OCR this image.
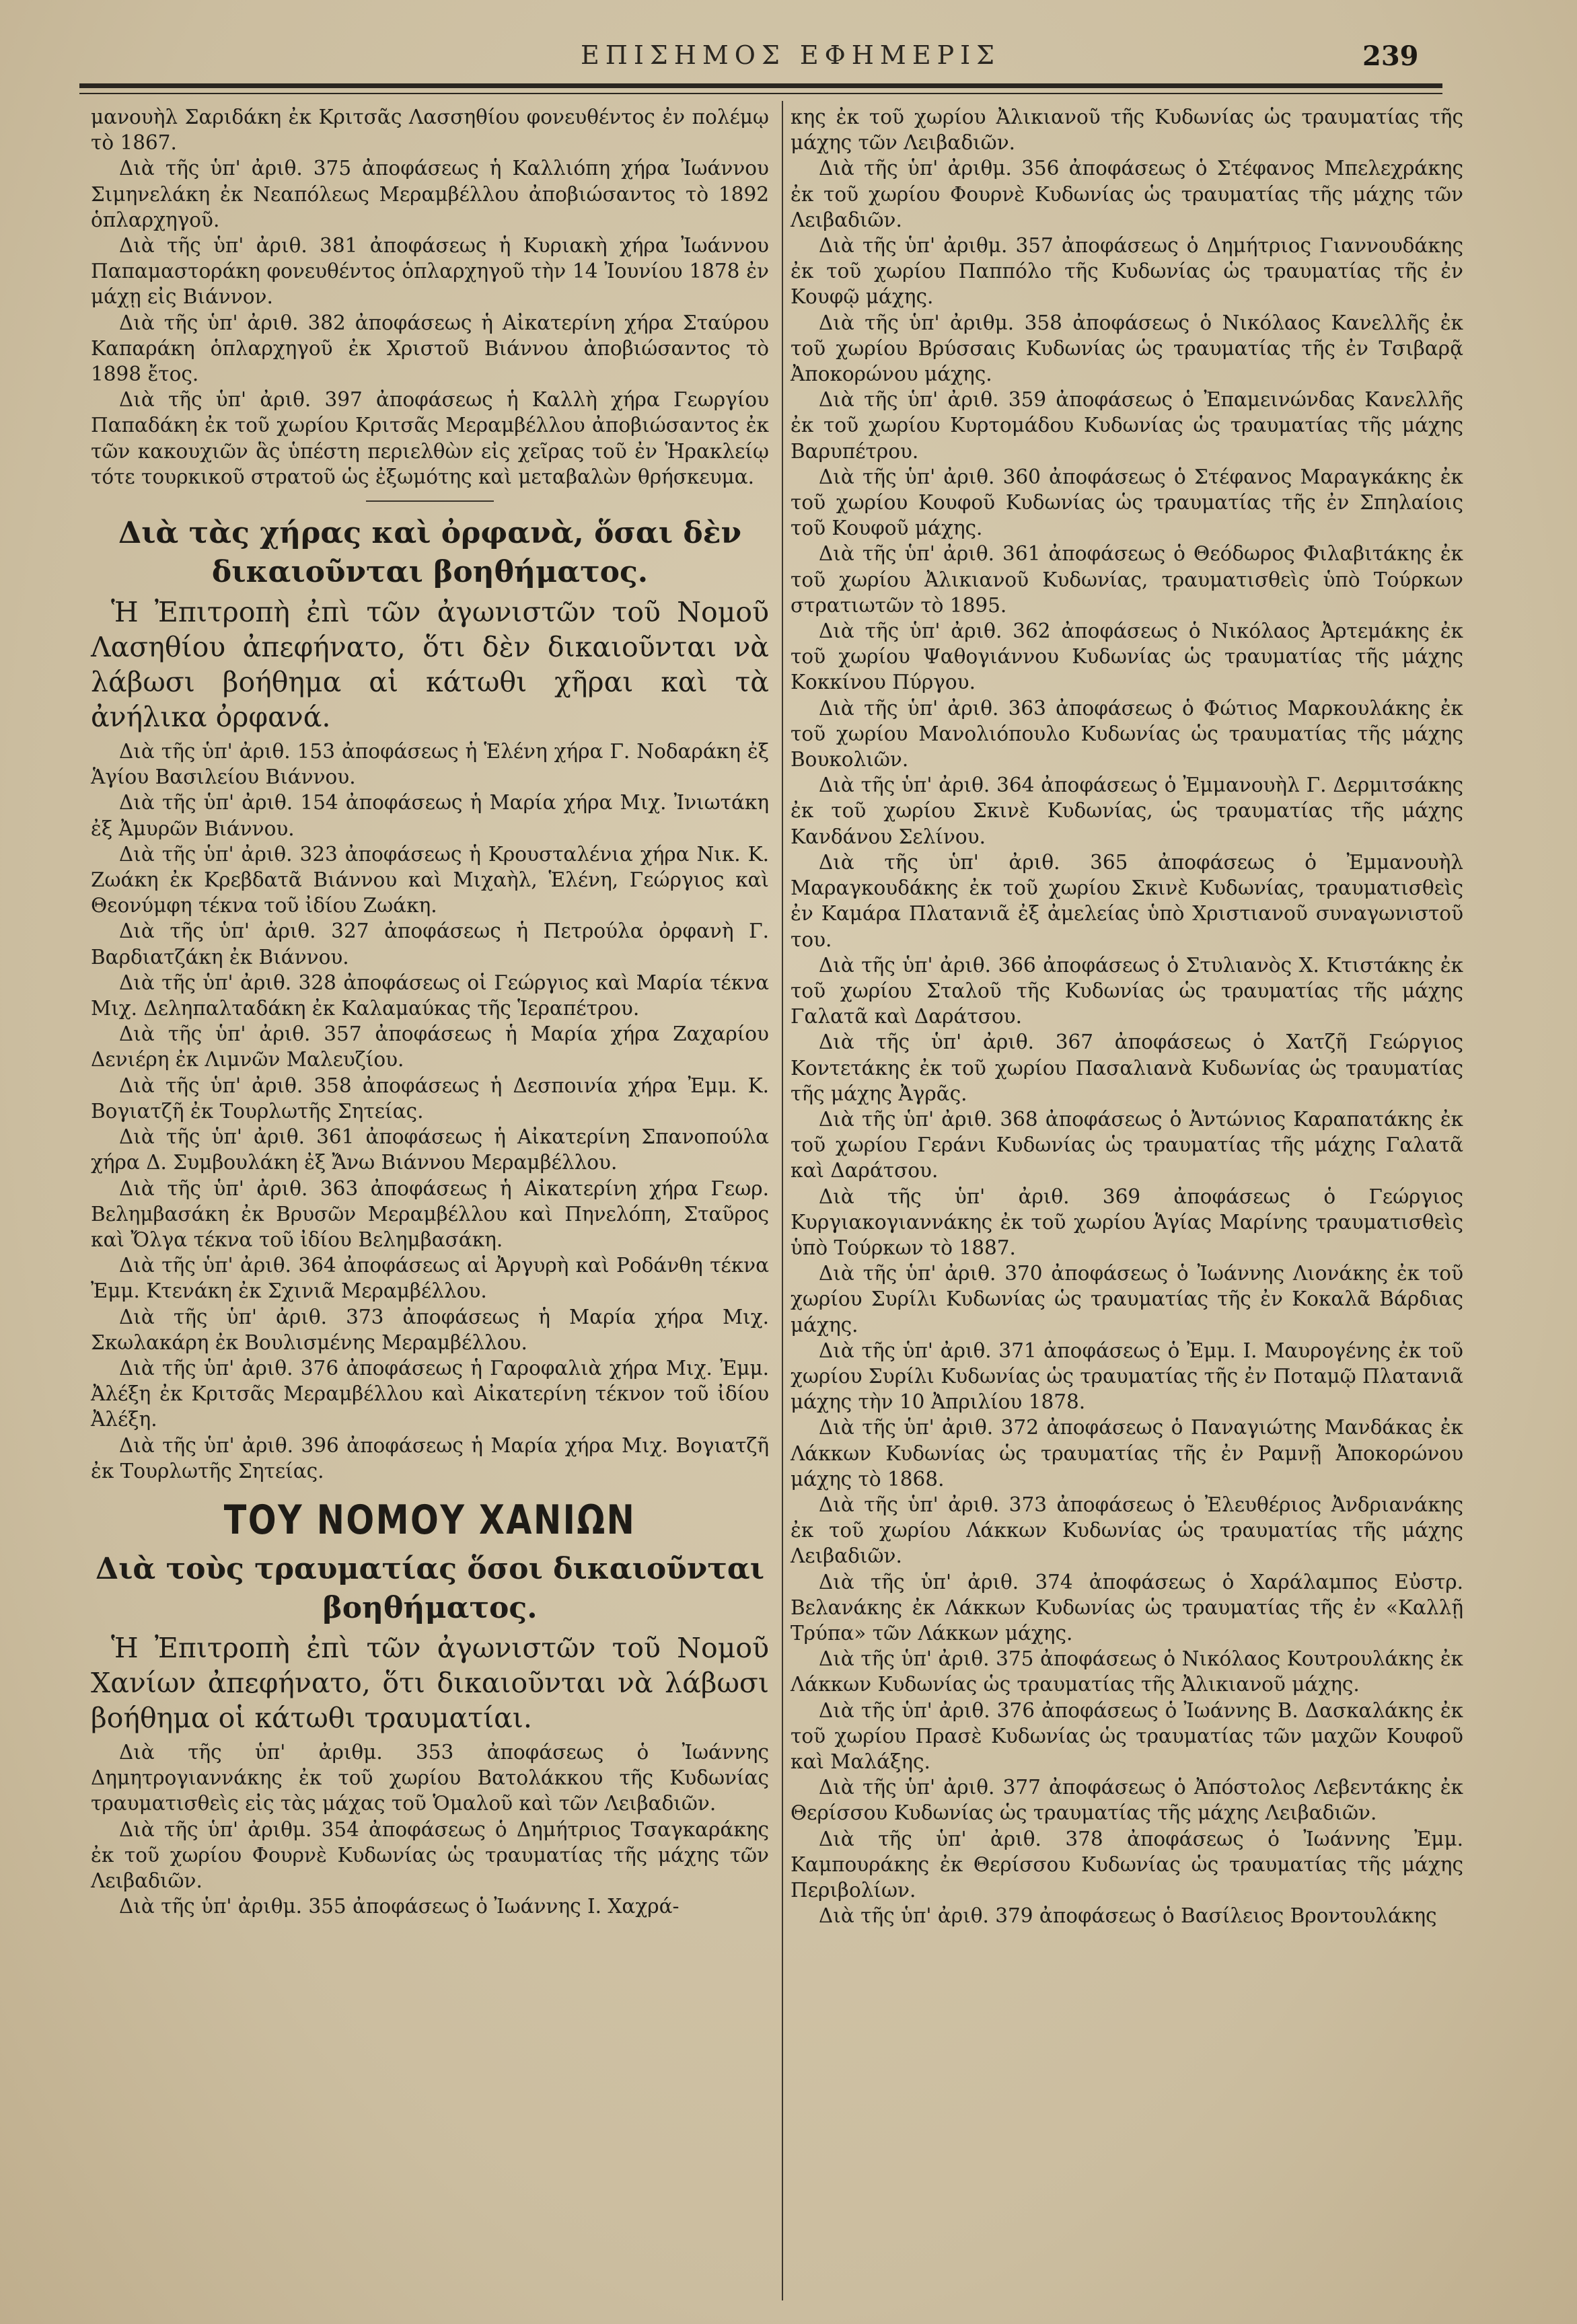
ΕΠΙΣΗΜΟΣ ΕΦΗΜΕΡΙΣ	239

μανουὴλ Σαριδάκη ἐκ Κριτσᾶς Λασσηθίου φονευθέντος ἐν πολέμῳ τὸ 1867.

Διὰ τῆς ὑπ' ἀριθ. 375 ἀποφάσεως ἡ Καλλιόπη χήρα Ἰωάννου Σιμηνελάκη ἐκ Νεαπόλεως Μεραμβέλλου ἀποβιώσαντος τὸ 1892 ὁπλαρχηγοῦ.

Διὰ τῆς ὑπ' ἀριθ. 381 ἀποφάσεως ἡ Κυριακὴ χήρα Ἰωάννου Παπαμαστοράκη φονευθέντος ὁπλαρχηγοῦ τὴν 14 Ἰουνίου 1878 ἐν μάχῃ εἰς Βιάννον.

Διὰ τῆς ὑπ' ἀριθ. 382 ἀποφάσεως ἡ Αἰκατερίνη χήρα Σταύρου Καπαράκη ὁπλαρχηγοῦ ἐκ Χριστοῦ Βιάννου ἀποβιώσαντος τὸ 1898 ἔτος.

Διὰ τῆς ὑπ' ἀριθ. 397 ἀποφάσεως ἡ Καλλὴ χήρα Γεωργίου Παπαδάκη ἐκ τοῦ χωρίου Κριτσᾶς Μεραμβέλλου ἀποβιώσαντος ἐκ τῶν κακουχιῶν ἃς ὑπέστη περιελθὼν εἰς χεῖρας τοῦ ἐν Ἡρακλείῳ τότε τουρκικοῦ στρατοῦ ὡς ἐξωμότης καὶ μεταβαλὼν θρήσκευμα.

Διὰ τὰς χήρας καὶ ὀρφανὰ, ὅσαι δὲν δικαιοῦνται βοηθήματος.

Ἡ Ἐπιτροπὴ ἐπὶ τῶν ἀγωνιστῶν τοῦ Νομοῦ Λασηθίου ἀπεφήνατο, ὅτι δὲν δικαιοῦνται νὰ λάβωσι βοήθημα αἱ κάτωθι χῆραι καὶ τὰ ἀνήλικα ὀρφανά.

Διὰ τῆς ὑπ' ἀριθ. 153 ἀποφάσεως ἡ Ἑλένη χήρα Γ. Νοδαράκη ἐξ Ἁγίου Βασιλείου Βιάννου.

Διὰ τῆς ὑπ' ἀριθ. 154 ἀποφάσεως ἡ Μαρία χήρα Μιχ. Ἰνιωτάκη ἐξ Ἀμυρῶν Βιάννου.

Διὰ τῆς ὑπ' ἀριθ. 323 ἀποφάσεως ἡ Κρουσταλένια χήρα Νικ. Κ. Ζωάκη ἐκ Κρεβδατᾶ Βιάννου καὶ Μιχαὴλ, Ἑλένη, Γεώργιος καὶ Θεονύμφη τέκνα τοῦ ἰδίου Ζωάκη.

Διὰ τῆς ὑπ' ἀριθ. 327 ἀποφάσεως ἡ Πετρούλα ὀρφανὴ Γ. Βαρδιατζάκη ἐκ Βιάννου.

Διὰ τῆς ὑπ' ἀριθ. 328 ἀποφάσεως οἱ Γεώργιος καὶ Μαρία τέκνα Μιχ. Δεληπαλταδάκη ἐκ Καλαμαύκας τῆς Ἱεραπέτρου.

Διὰ τῆς ὑπ' ἀριθ. 357 ἀποφάσεως ἡ Μαρία χήρα Ζαχαρίου Δενιέρη ἐκ Λιμνῶν Μαλευζίου.

Διὰ τῆς ὑπ' ἀριθ. 358 ἀποφάσεως ἡ Δεσποινία χήρα Ἐμμ. Κ. Βογιατζῆ ἐκ Τουρλωτῆς Σητείας.

Διὰ τῆς ὑπ' ἀριθ. 361 ἀποφάσεως ἡ Αἰκατερίνη Σπανοπούλα χήρα Δ. Συμβουλάκη ἐξ Ἄνω Βιάννου Μεραμβέλλου.

Διὰ τῆς ὑπ' ἀριθ. 363 ἀποφάσεως ἡ Αἰκατερίνη χήρα Γεωρ. Βελημβασάκη ἐκ Βρυσῶν Μεραμβέλλου καὶ Πηνελόπη, Σταῦρος καὶ Ὄλγα τέκνα τοῦ ἰδίου Βελημβασάκη.

Διὰ τῆς ὑπ' ἀριθ. 364 ἀποφάσεως αἱ Ἀργυρὴ καὶ Ροδάνθη τέκνα Ἐμμ. Κτενάκη ἐκ Σχινιᾶ Μεραμβέλλου.

Διὰ τῆς ὑπ' ἀριθ. 373 ἀποφάσεως ἡ Μαρία χήρα Μιχ. Σκωλακάρη ἐκ Βουλισμένης Μεραμβέλλου.

Διὰ τῆς ὑπ' ἀριθ. 376 ἀποφάσεως ἡ Γαροφαλιὰ χήρα Μιχ. Ἐμμ. Ἀλέξη ἐκ Κριτσᾶς Μεραμβέλλου καὶ Αἰκατερίνη τέκνον τοῦ ἰδίου Ἀλέξη.

Διὰ τῆς ὑπ' ἀριθ. 396 ἀποφάσεως ἡ Μαρία χήρα Μιχ. Βογιατζῆ ἐκ Τουρλωτῆς Σητείας.

ΤΟΥ ΝΟΜΟΥ ΧΑΝΙΩΝ
Διὰ τοὺς τραυματίας ὅσοι δικαιοῦνται βοηθήματος.

Ἡ Ἐπιτροπὴ ἐπὶ τῶν ἀγωνιστῶν τοῦ Νομοῦ Χανίων ἀπεφήνατο, ὅτι δικαιοῦνται νὰ λάβωσι βοήθημα οἱ κάτωθι τραυματίαι.

Διὰ τῆς ὑπ' ἀριθμ. 353 ἀποφάσεως ὁ Ἰωάννης Δημητρογιαννάκης ἐκ τοῦ χωρίου Βατολάκκου τῆς Κυδωνίας τραυματισθεὶς εἰς τὰς μάχας τοῦ Ὁμαλοῦ καὶ τῶν Λειβαδιῶν.

Διὰ τῆς ὑπ' ἀριθμ. 354 ἀποφάσεως ὁ Δημήτριος Τσαγκαράκης ἐκ τοῦ χωρίου Φουρνὲ Κυδωνίας ὡς τραυματίας τῆς μάχης τῶν Λειβαδιῶν.

Διὰ τῆς ὑπ' ἀριθμ. 355 ἀποφάσεως ὁ Ἰωάννης Ι. Χαχρά-

κης ἐκ τοῦ χωρίου Ἀλικιανοῦ τῆς Κυδωνίας ὡς τραυματίας τῆς μάχης τῶν Λειβαδιῶν.

Διὰ τῆς ὑπ' ἀριθμ. 356 ἀποφάσεως ὁ Στέφανος Μπελεχράκης ἐκ τοῦ χωρίου Φουρνὲ Κυδωνίας ὡς τραυματίας τῆς μάχης τῶν Λειβαδιῶν.

Διὰ τῆς ὑπ' ἀριθμ. 357 ἀποφάσεως ὁ Δημήτριος Γιαννουδάκης ἐκ τοῦ χωρίου Παππόλο τῆς Κυδωνίας ὡς τραυματίας τῆς ἐν Κουφῷ μάχης.

Διὰ τῆς ὑπ' ἀριθμ. 358 ἀποφάσεως ὁ Νικόλαος Κανελλῆς ἐκ τοῦ χωρίου Βρύσσαις Κυδωνίας ὡς τραυματίας τῆς ἐν Τσιβαρᾷ Ἀποκορώνου μάχης.

Διὰ τῆς ὑπ' ἀριθ. 359 ἀποφάσεως ὁ Ἐπαμεινώνδας Κανελλῆς ἐκ τοῦ χωρίου Κυρτομάδου Κυδωνίας ὡς τραυματίας τῆς μάχης Βαρυπέτρου.

Διὰ τῆς ὑπ' ἀριθ. 360 ἀποφάσεως ὁ Στέφανος Μαραγκάκης ἐκ τοῦ χωρίου Κουφοῦ Κυδωνίας ὡς τραυματίας τῆς ἐν Σπηλαίοις τοῦ Κουφοῦ μάχης.

Διὰ τῆς ὑπ' ἀριθ. 361 ἀποφάσεως ὁ Θεόδωρος Φιλαβιτάκης ἐκ τοῦ χωρίου Ἀλικιανοῦ Κυδωνίας, τραυματισθεὶς ὑπὸ Τούρκων στρατιωτῶν τὸ 1895.

Διὰ τῆς ὑπ' ἀριθ. 362 ἀποφάσεως ὁ Νικόλαος Ἀρτεμάκης ἐκ τοῦ χωρίου Ψαθογιάννου Κυδωνίας ὡς τραυματίας τῆς μάχης Κοκκίνου Πύργου.

Διὰ τῆς ὑπ' ἀριθ. 363 ἀποφάσεως ὁ Φώτιος Μαρκουλάκης ἐκ τοῦ χωρίου Μανολιόπουλο Κυδωνίας ὡς τραυματίας τῆς μάχης Βουκολιῶν.

Διὰ τῆς ὑπ' ἀριθ. 364 ἀποφάσεως ὁ Ἐμμανουὴλ Γ. Δερμιτσάκης ἐκ τοῦ χωρίου Σκινὲ Κυδωνίας, ὡς τραυματίας τῆς μάχης Κανδάνου Σελίνου.

Διὰ τῆς ὑπ' ἀριθ. 365 ἀποφάσεως ὁ Ἐμμανουὴλ Μαραγκουδάκης ἐκ τοῦ χωρίου Σκινὲ Κυδωνίας, τραυματισθεὶς ἐν Καμάρα Πλατανιᾶ ἐξ ἀμελείας ὑπὸ Χριστιανοῦ συναγωνιστοῦ του.

Διὰ τῆς ὑπ' ἀριθ. 366 ἀποφάσεως ὁ Στυλιανὸς Χ. Κτιστάκης ἐκ τοῦ χωρίου Σταλοῦ τῆς Κυδωνίας ὡς τραυματίας τῆς μάχης Γαλατᾶ καὶ Δαράτσου.

Διὰ τῆς ὑπ' ἀριθ. 367 ἀποφάσεως ὁ Χατζῆ Γεώργιος Κοντετάκης ἐκ τοῦ χωρίου Πασαλιανὰ Κυδωνίας ὡς τραυματίας τῆς μάχης Ἀγρᾶς.

Διὰ τῆς ὑπ' ἀριθ. 368 ἀποφάσεως ὁ Ἀντώνιος Καραπατάκης ἐκ τοῦ χωρίου Γεράνι Κυδωνίας ὡς τραυματίας τῆς μάχης Γαλατᾶ καὶ Δαράτσου.

Διὰ τῆς ὑπ' ἀριθ. 369 ἀποφάσεως ὁ Γεώργιος Κυργιακογιαννάκης ἐκ τοῦ χωρίου Ἁγίας Μαρίνης τραυματισθεὶς ὑπὸ Τούρκων τὸ 1887.

Διὰ τῆς ὑπ' ἀριθ. 370 ἀποφάσεως ὁ Ἰωάννης Λιονάκης ἐκ τοῦ χωρίου Συρίλι Κυδωνίας ὡς τραυματίας τῆς ἐν Κοκαλᾶ Βάρδιας μάχης.

Διὰ τῆς ὑπ' ἀριθ. 371 ἀποφάσεως ὁ Ἐμμ. Ι. Μαυρογένης ἐκ τοῦ χωρίου Συρίλι Κυδωνίας ὡς τραυματίας τῆς ἐν Ποταμῷ Πλατανιᾶ μάχης τὴν 10 Ἀπριλίου 1878.

Διὰ τῆς ὑπ' ἀριθ. 372 ἀποφάσεως ὁ Παναγιώτης Μανδάκας ἐκ Λάκκων Κυδωνίας ὡς τραυματίας τῆς ἐν Ραμνῇ Ἀποκορώνου μάχης τὸ 1868.

Διὰ τῆς ὑπ' ἀριθ. 373 ἀποφάσεως ὁ Ἐλευθέριος Ἀνδριανάκης ἐκ τοῦ χωρίου Λάκκων Κυδωνίας ὡς τραυματίας τῆς μάχης Λειβαδιῶν.

Διὰ τῆς ὑπ' ἀριθ. 374 ἀποφάσεως ὁ Χαράλαμπος Εὐστρ. Βελανάκης ἐκ Λάκκων Κυδωνίας ὡς τραυματίας τῆς ἐν «Καλλῇ Τρύπα» τῶν Λάκκων μάχης.

Διὰ τῆς ὑπ' ἀριθ. 375 ἀποφάσεως ὁ Νικόλαος Κουτρουλάκης ἐκ Λάκκων Κυδωνίας ὡς τραυματίας τῆς Ἀλικιανοῦ μάχης.

Διὰ τῆς ὑπ' ἀριθ. 376 ἀποφάσεως ὁ Ἰωάννης Β. Δασκαλάκης ἐκ τοῦ χωρίου Πρασὲ Κυδωνίας ὡς τραυματίας τῶν μαχῶν Κουφοῦ καὶ Μαλάξης.

Διὰ τῆς ὑπ' ἀριθ. 377 ἀποφάσεως ὁ Ἀπόστολος Λεβεντάκης ἐκ Θερίσσου Κυδωνίας ὡς τραυματίας τῆς μάχης Λειβαδιῶν.

Διὰ τῆς ὑπ' ἀριθ. 378 ἀποφάσεως ὁ Ἰωάννης Ἐμμ. Καμπουράκης ἐκ Θερίσσου Κυδωνίας ὡς τραυματίας τῆς μάχης Περιβολίων.

Διὰ τῆς ὑπ' ἀριθ. 379 ἀποφάσεως ὁ Βασίλειος Βροντουλάκης
